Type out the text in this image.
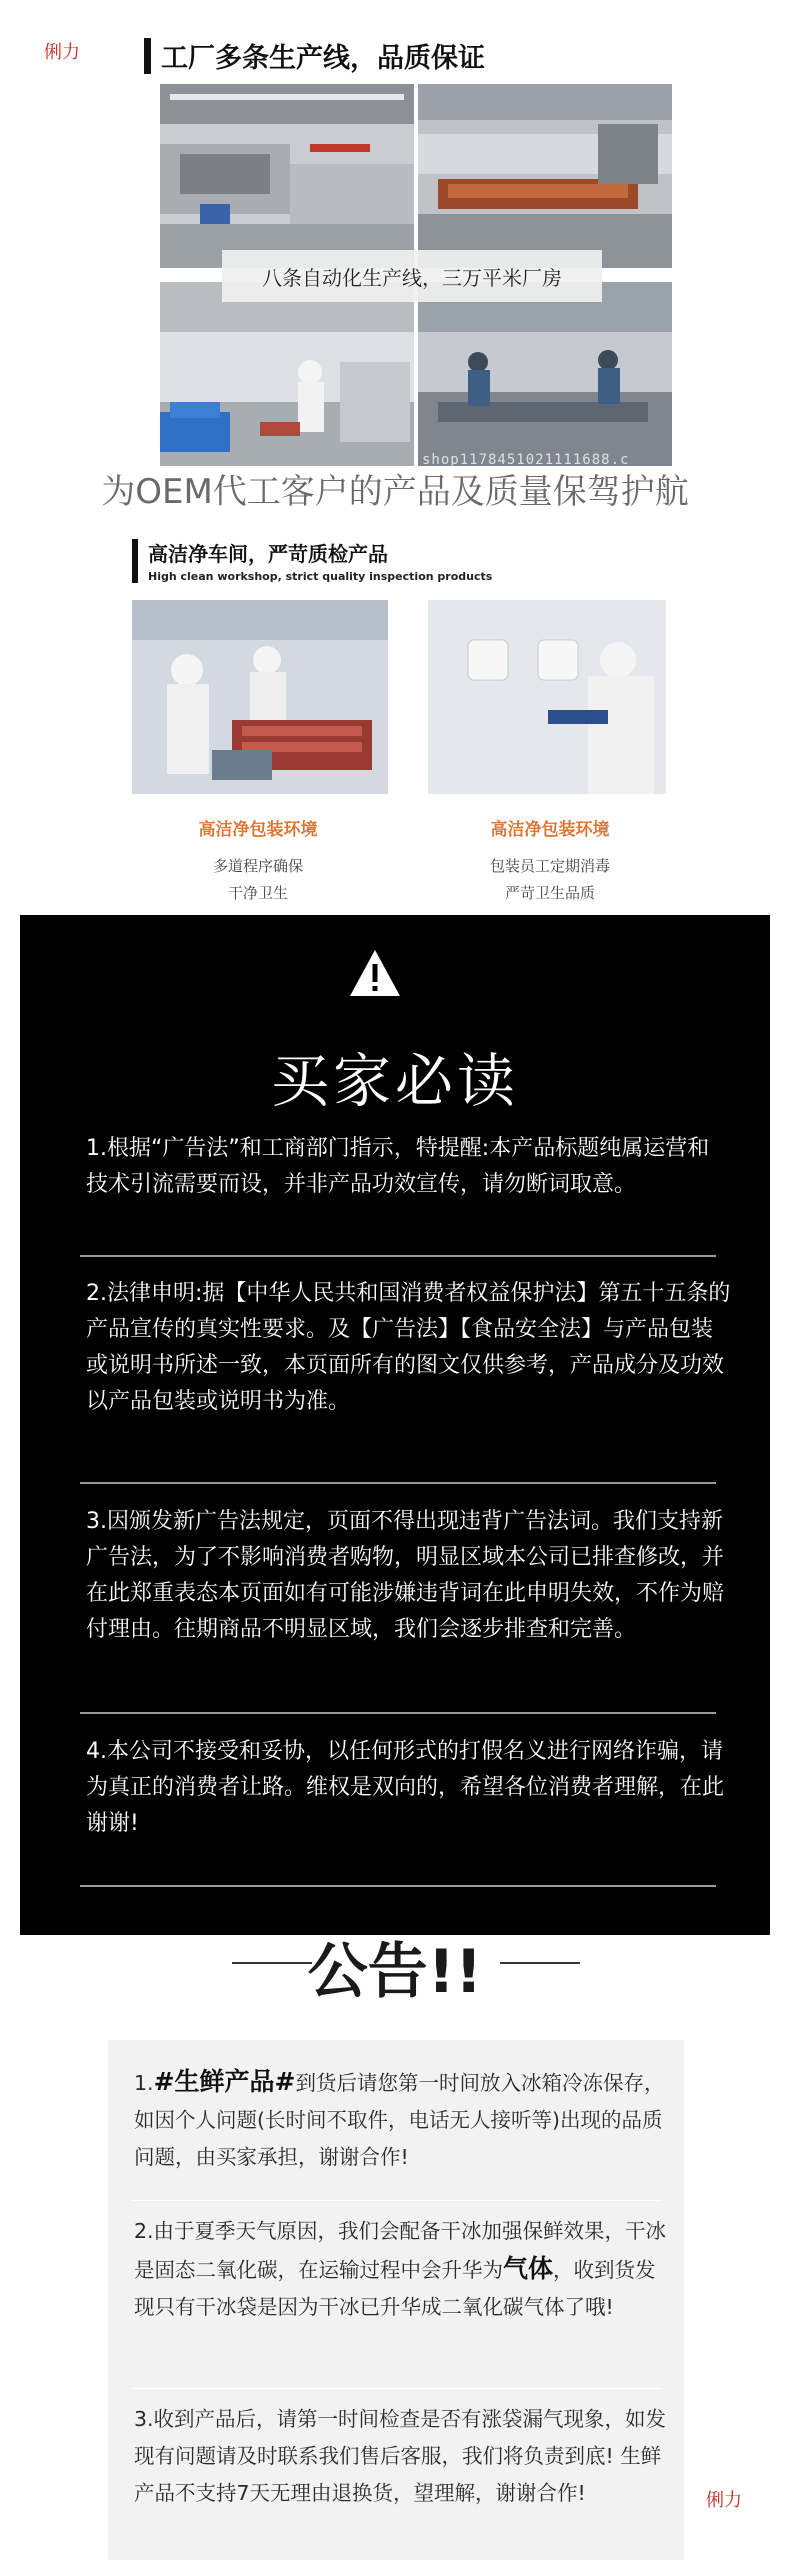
俐力	工厂多条生产线，品质保证
八条自动化生产线，三万平米厂房
shop1178451021111688.c
为OEM代工客户的产品及质量保驾护航
高洁净车间，严苛质检产品
High clean workshop, strict quality inspection products
高洁净包装环境
多道程序确保
干净卫生
高洁净包装环境
包装员工定期消毒
严苛卫生品质
买家必读
1.根据“广告法”和工商部门指示，特提醒:本产品标题纯属运营和技术引流需要而设，并非产品功效宣传，请勿断词取意。
2.法律申明:据【中华人民共和国消费者权益保护法】第五十五条的产品宣传的真实性要求。及【广告法】【食品安全法】与产品包装或说明书所述一致，本页面所有的图文仅供参考，产品成分及功效以产品包装或说明书为准。
3.因颁发新广告法规定，页面不得出现违背广告法词。我们支持新广告法，为了不影响消费者购物，明显区域本公司已排查修改，并在此郑重表态本页面如有可能涉嫌违背词在此申明失效，不作为赔付理由。往期商品不明显区域，我们会逐步排查和完善。
4.本公司不接受和妥协，以任何形式的打假名义进行网络诈骗，请为真正的消费者让路。维权是双向的，希望各位消费者理解，在此谢谢!
公告!!
1.#生鲜产品#到货后请您第一时间放入冰箱冷冻保存，如因个人问题(长时间不取件，电话无人接听等)出现的品质问题，由买家承担，谢谢合作!
2.由于夏季天气原因，我们会配备干冰加强保鲜效果，干冰是固态二氧化碳，在运输过程中会升华为气体，收到货发现只有干冰袋是因为干冰已升华成二氧化碳气体了哦!
3.收到产品后，请第一时间检查是否有涨袋漏气现象，如发现有问题请及时联系我们售后客服，我们将负责到底! 生鲜产品不支持7天无理由退换货，望理解，谢谢合作!	俐力
